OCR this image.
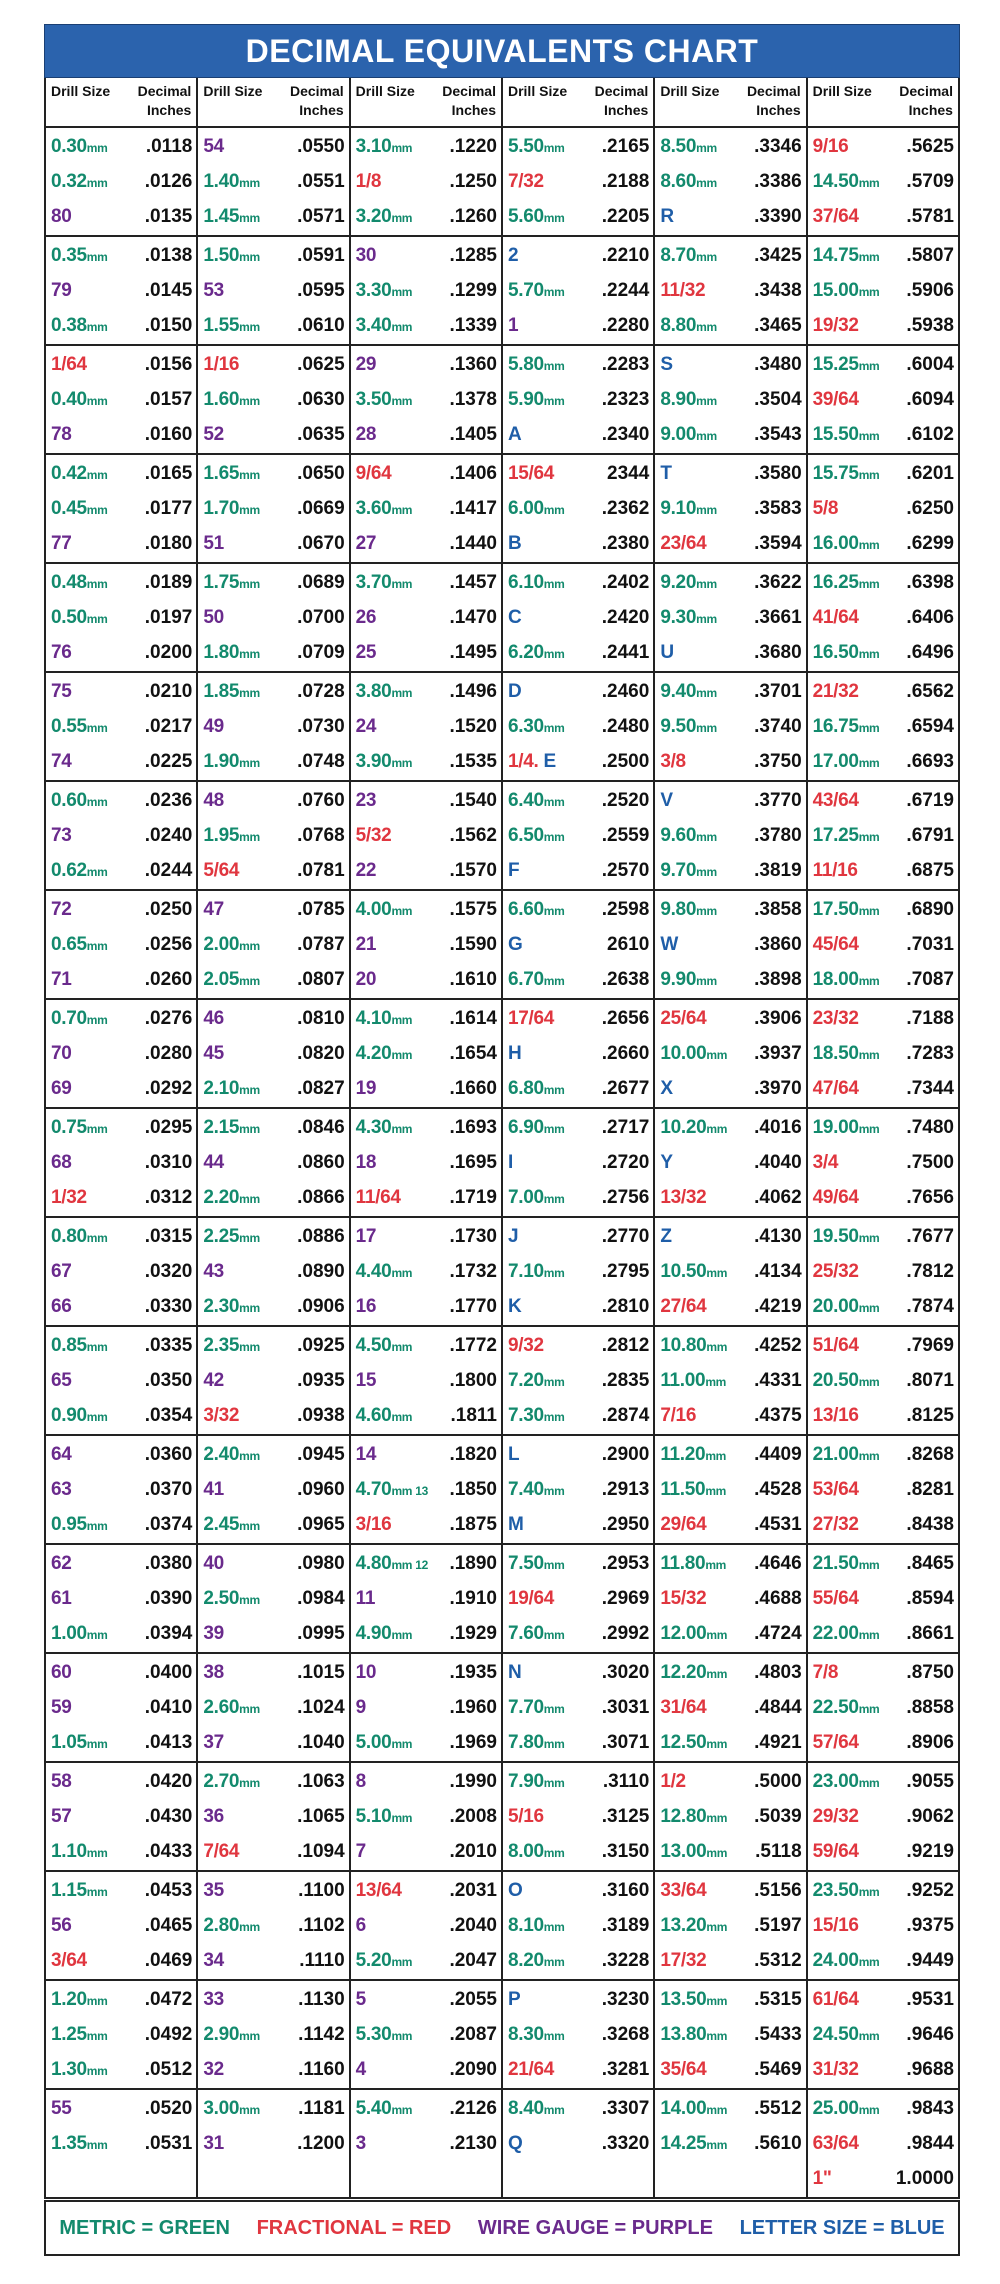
DECIMAL EQUIVALENTS CHART
Drill Size Decimal
Inches
0.30mm .0118
0.32mm .0126
80	.0135
0.35mm .0138
79	.0145
0.38mm .0150
1/64	.0156
0.40mm .0157
78	.0160
0.42mm .0165
0.45mm .0177
77	.0180
0.48mm .0189
0.50mm .0197
76	.0200
75	.0210
0.55mm .0217
74	.0225
0.60mm .0236
73	.0240
0.62mm .0244
72	.0250
0.65mm .0256
71	.0260
0.70mm .0276
70	.0280
69	.0292
0.75mm .0295
68	.0310
1/32	.0312
0.80mm .0315
67	.0320
66	.0330
0.85mm .0335
65	.0350
0.90mm .0354
64	.0360
63	.0370
0.95mm .0374
62	.0380
61	.0390
1.00mm .0394
60	.0400
59	.0410
1.05mm .0413
58	.0420
57	.0430
1.10mm .0433
1.15mm .0453
56	.0465
3/64	.0469
1.20mm .0472
1.25mm .0492
1.30mm .0512
55	.0520
1.35mm .0531
Drill Size Decimal
Inches
54	.0550
1.40mm .0551
1.45mm .0571
1.50mm .0591
53	.0595
1.55mm .0610
1/16	.0625
1.60mm .0630
52	.0635
1.65mm .0650
1.70mm .0669
51	.0670
1.75mm .0689
50	.0700
1.80mm .0709
1.85mm .0728
49	.0730
1.90mm .0748
48	.0760
1.95mm .0768
5/64	.0781
47	.0785
2.00mm .0787
2.05mm .0807
46	.0810
45	.0820
2.10mm .0827
2.15mm .0846
44	.0860
2.20mm .0866
2.25mm .0886
43	.0890
2.30mm .0906
2.35mm .0925
42	.0935
3/32	.0938
2.40mm .0945
41	.0960
2.45mm .0965
40	.0980
2.50mm .0984
39	.0995
38	.1015
2.60mm .1024
37	.1040
2.70mm .1063
36	.1065
7/64	.1094
35	.1100
2.80mm .1102
34	.1110
33	.1130
2.90mm .1142
32	.1160
3.00mm .1181
31	.1200
Drill Size Decimal
Inches
3.10mm .1220
1/8	.1250
3.20mm .1260
30	.1285
3.30mm .1299
3.40mm .1339
29	.1360
3.50mm .1378
28	.1405
9/64	.1406
3.60mm .1417
27	.1440
3.70mm .1457
26	.1470
25	.1495
3.80mm .1496
24	.1520
3.90mm .1535
23	.1540
5/32	.1562
22	.1570
4.00mm .1575
21	.1590
20	.1610
4.10mm .1614
4.20mm .1654
19	.1660
4.30mm .1693
18	.1695
11/64	.1719
17	.1730
4.40mm .1732
16	.1770
4.50mm .1772
15	.1800
4.60mm .1811
14	.1820
4.70mm 13 .1850
3/16	.1875
4.80mm 12 .1890
11	.1910
4.90mm .1929
10	.1935
9	.1960
5.00mm .1969
8	.1990
5.10mm .2008
7	.2010
13/64	.2031
6	.2040
5.20mm .2047
5	.2055
5.30mm .2087
4	.2090
5.40mm .2126
3	.2130
Drill Size Decimal
Inches
5.50mm .2165
7/32	.2188
5.60mm .2205
2	.2210
5.70mm .2244
1	.2280
5.80mm .2283
5.90mm .2323
A	.2340
15/64	2344
6.00mm .2362
B	.2380
6.10mm .2402
C	.2420
6.20mm .2441
D	.2460
6.30mm .2480
1/4. E .2500
6.40mm .2520
6.50mm .2559
F	.2570
6.60mm .2598
G	2610
6.70mm .2638
17/64	.2656
H	.2660
6.80mm .2677
6.90mm .2717
I	.2720
7.00mm .2756
J	.2770
7.10mm .2795
K	.2810
9/32	.2812
7.20mm .2835
7.30mm .2874
L	.2900
7.40mm .2913
M	.2950
7.50mm .2953
19/64	.2969
7.60mm .2992
N	.3020
7.70mm .3031
7.80mm .3071
7.90mm .3110
5/16	.3125
8.00mm .3150
O	.3160
8.10mm .3189
8.20mm .3228
P	.3230
8.30mm .3268
21/64	.3281
8.40mm .3307
Q	.3320
Drill Size Decimal
Inches
8.50mm .3346
8.60mm .3386
R	.3390
8.70mm .3425
11/32	.3438
8.80mm .3465
S	.3480
8.90mm .3504
9.00mm .3543
T	.3580
9.10mm .3583
23/64	.3594
9.20mm .3622
9.30mm .3661
U	.3680
9.40mm .3701
9.50mm .3740
3/8	.3750
V	.3770
9.60mm .3780
9.70mm .3819
9.80mm .3858
W	.3860
9.90mm .3898
25/64	.3906
10.00mm .3937
X	.3970
10.20mm .4016
Y	.4040
13/32	.4062
Z	.4130
10.50mm .4134
27/64	.4219
10.80mm .4252
11.00mm .4331
7/16	.4375
11.20mm .4409
11.50mm .4528
29/64	.4531
11.80mm .4646
15/32	.4688
12.00mm .4724
12.20mm .4803
31/64	.4844
12.50mm .4921
1/2	.5000
12.80mm .5039
13.00mm .5118
33/64	.5156
13.20mm .5197
17/32	.5312
13.50mm .5315
13.80mm .5433
35/64	.5469
14.00mm .5512
14.25mm .5610
Drill Size Decimal
Inches
9/16	.5625
14.50mm .5709
37/64	.5781
14.75mm .5807
15.00mm .5906
19/32	.5938
15.25mm .6004
39/64	.6094
15.50mm .6102
15.75mm .6201
5/8	.6250
16.00mm .6299
16.25mm .6398
41/64	.6406
16.50mm .6496
21/32	.6562
16.75mm .6594
17.00mm .6693
43/64	.6719
17.25mm .6791
11/16	.6875
17.50mm .6890
45/64	.7031
18.00mm .7087
23/32	.7188
18.50mm .7283
47/64	.7344
19.00mm .7480
3/4	.7500
49/64	.7656
19.50mm .7677
25/32	.7812
20.00mm .7874
51/64	.7969
20.50mm .8071
13/16	.8125
21.00mm .8268
53/64	.8281
27/32	.8438
21.50mm .8465
55/64	.8594
22.00mm .8661
7/8	.8750
22.50mm .8858
57/64	.8906
23.00mm .9055
29/32	.9062
59/64	.9219
23.50mm .9252
15/16	.9375
24.00mm .9449
61/64	.9531
24.50mm .9646
31/32	.9688
25.00mm .9843
63/64	.9844
1"	1.0000
METRIC = GREEN FRACTIONAL = RED WIRE GAUGE = PURPLE LETTER SIZE = BLUE
